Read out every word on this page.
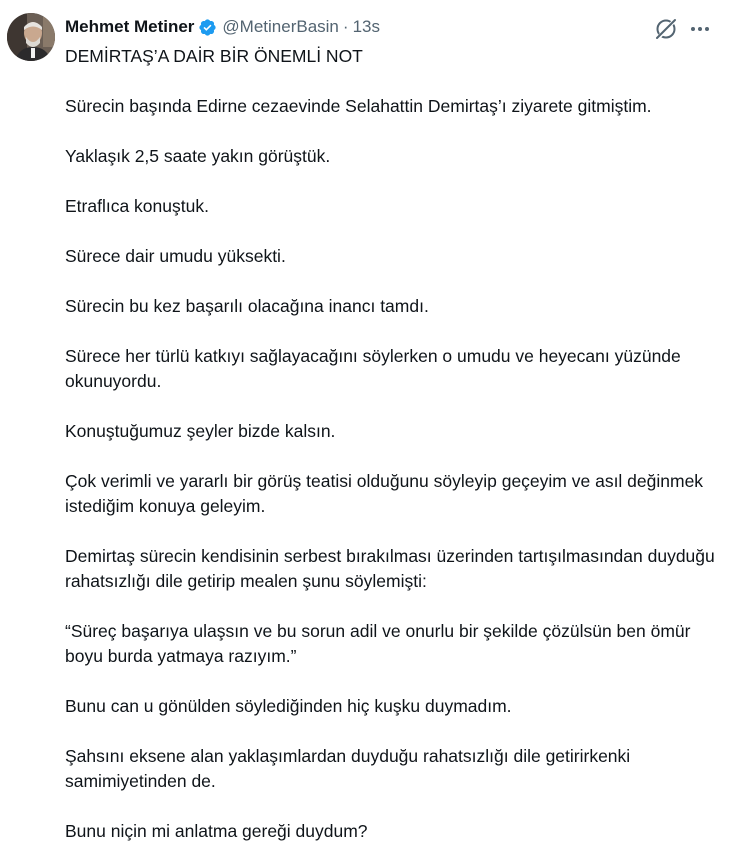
Mehmet Metiner @MetinerBasin · 13s

DEMİRTAŞ’A DAİR BİR ÖNEMLİ NOT

Sürecin başında Edirne cezaevinde Selahattin Demirtaş’ı ziyarete gitmiştim.

Yaklaşık 2,5 saate yakın görüştük.

Etraflıca konuştuk.

Sürece dair umudu yüksekti.

Sürecin bu kez başarılı olacağına inancı tamdı.

Sürece her türlü katkıyı sağlayacağını söylerken o umudu ve heyecanı yüzünde okunuyordu.

Konuştuğumuz şeyler bizde kalsın.

Çok verimli ve yararlı bir görüş teatisi olduğunu söyleyip geçeyim ve asıl değinmek istediğim konuya geleyim.

Demirtaş sürecin kendisinin serbest bırakılması üzerinden tartışılmasından duyduğu rahatsızlığı dile getirip mealen şunu söylemişti:

“Süreç başarıya ulaşsın ve bu sorun adil ve onurlu bir şekilde çözülsün ben ömür boyu burda yatmaya razıyım.”

Bunu can u gönülden söylediğinden hiç kuşku duymadım.

Şahsını eksene alan yaklaşımlardan duyduğu rahatsızlığı dile getirirkenki samimiyetinden de.

Bunu niçin mi anlatma gereği duydum?
